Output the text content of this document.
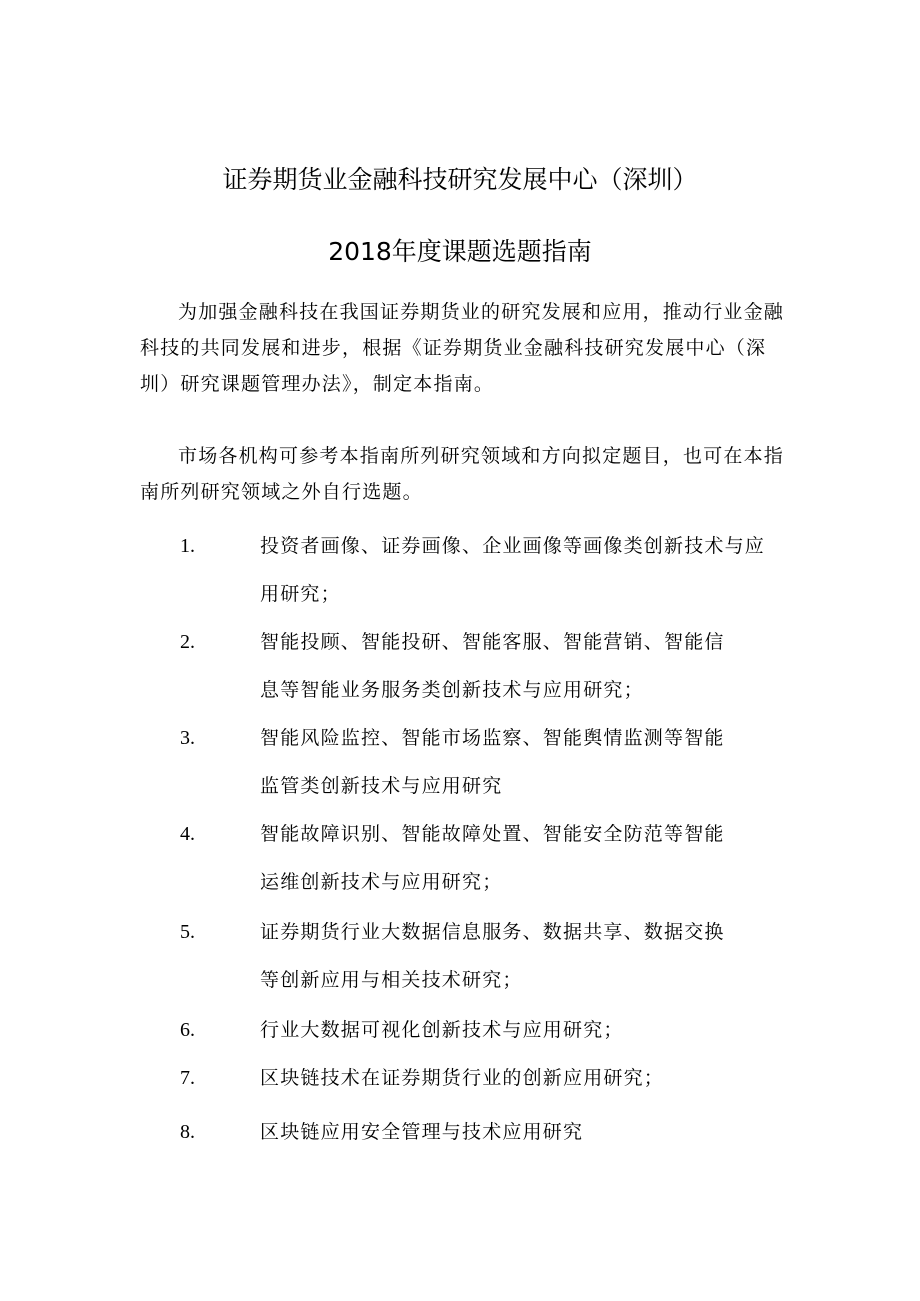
证券期货业金融科技研究发展中心（深圳）
2018年度课题选题指南

为加强金融科技在我国证券期货业的研究发展和应用，推动行业金融科技的共同发展和进步，根据《证券期货业金融科技研究发展中心（深圳）研究课题管理办法》，制定本指南。

市场各机构可参考本指南所列研究领域和方向拟定题目，也可在本指南所列研究领域之外自行选题。

1.	投资者画像、证券画像、企业画像等画像类创新技术与应用研究；
2.	智能投顾、智能投研、智能客服、智能营销、智能信息等智能业务服务类创新技术与应用研究；
3.	智能风险监控、智能市场监察、智能舆情监测等智能监管类创新技术与应用研究
4.	智能故障识别、智能故障处置、智能安全防范等智能运维创新技术与应用研究；
5.	证券期货行业大数据信息服务、数据共享、数据交换等创新应用与相关技术研究；
6.	行业大数据可视化创新技术与应用研究；
7.	区块链技术在证券期货行业的创新应用研究；
8.	区块链应用安全管理与技术应用研究
